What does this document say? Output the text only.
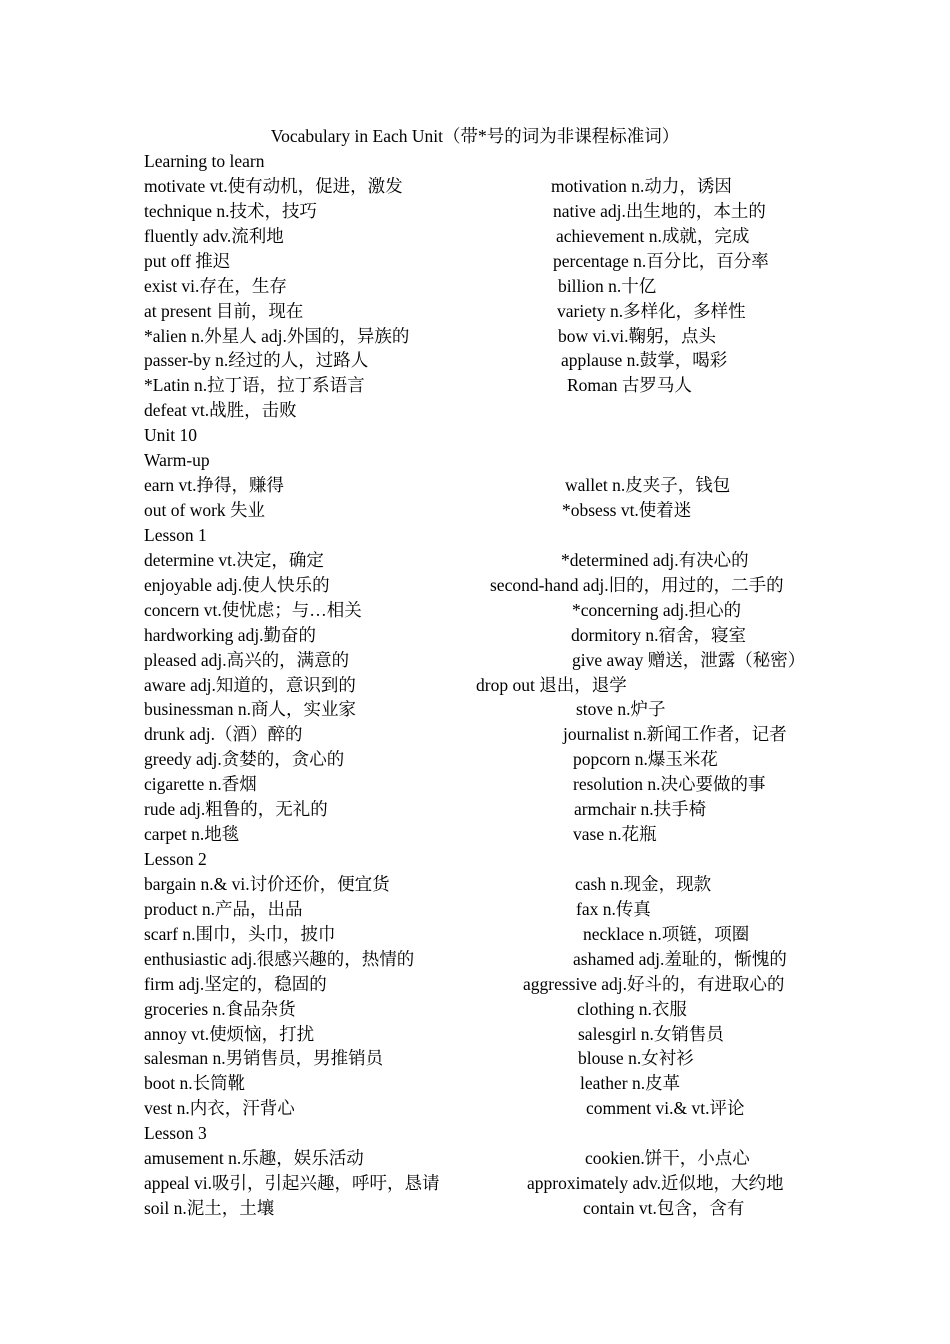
Vocabulary in Each Unit（带*号的词为非课程标准词）
Learning to learn
motivate vt.使有动机，促进，激发	motivation n.动力，诱因
technique n.技术，技巧	native adj.出生地的，本土的
fluently adv.流利地	achievement n.成就，完成
put off 推迟	percentage n.百分比，百分率
exist vi.存在，生存	billion n.十亿
at present 目前，现在	variety n.多样化，多样性
*alien n.外星人 adj.外国的，异族的	bow vi.vi.鞠躬，点头
passer-by n.经过的人，过路人	applause n.鼓掌，喝彩
*Latin n.拉丁语，拉丁系语言	Roman 古罗马人
defeat vt.战胜，击败
Unit 10
Warm-up
earn vt.挣得，赚得	wallet n.皮夹子，钱包
out of work 失业	*obsess vt.使着迷
Lesson 1
determine vt.决定，确定	*determined adj.有决心的
enjoyable adj.使人快乐的	second-hand adj.旧的，用过的，二手的
concern vt.使忧虑；与…相关	*concerning adj.担心的
hardworking adj.勤奋的	dormitory n.宿舍，寝室
pleased adj.高兴的，满意的	give away 赠送，泄露（秘密）
aware adj.知道的，意识到的	drop out 退出，退学
businessman n.商人，实业家	stove n.炉子
drunk adj.（酒）醉的	journalist n.新闻工作者，记者
greedy adj.贪婪的，贪心的	popcorn n.爆玉米花
cigarette n.香烟	resolution n.决心要做的事
rude adj.粗鲁的，无礼的	armchair n.扶手椅
carpet n.地毯	vase n.花瓶
Lesson 2
bargain n.& vi.讨价还价，便宜货	cash n.现金，现款
product n.产品，出品	fax n.传真
scarf n.围巾，头巾，披巾	necklace n.项链，项圈
enthusiastic adj.很感兴趣的，热情的	ashamed adj.羞耻的，惭愧的
firm adj.坚定的，稳固的	aggressive adj.好斗的，有进取心的
groceries n.食品杂货	clothing n.衣服
annoy vt.使烦恼，打扰	salesgirl n.女销售员
salesman n.男销售员，男推销员	blouse n.女衬衫
boot n.长筒靴	leather n.皮革
vest n.内衣，汗背心	comment vi.& vt.评论
Lesson 3
amusement n.乐趣，娱乐活动	cookien.饼干，小点心
appeal vi.吸引，引起兴趣，呼吁，恳请	approximately adv.近似地，大约地
soil n.泥土，土壤	contain vt.包含，含有
